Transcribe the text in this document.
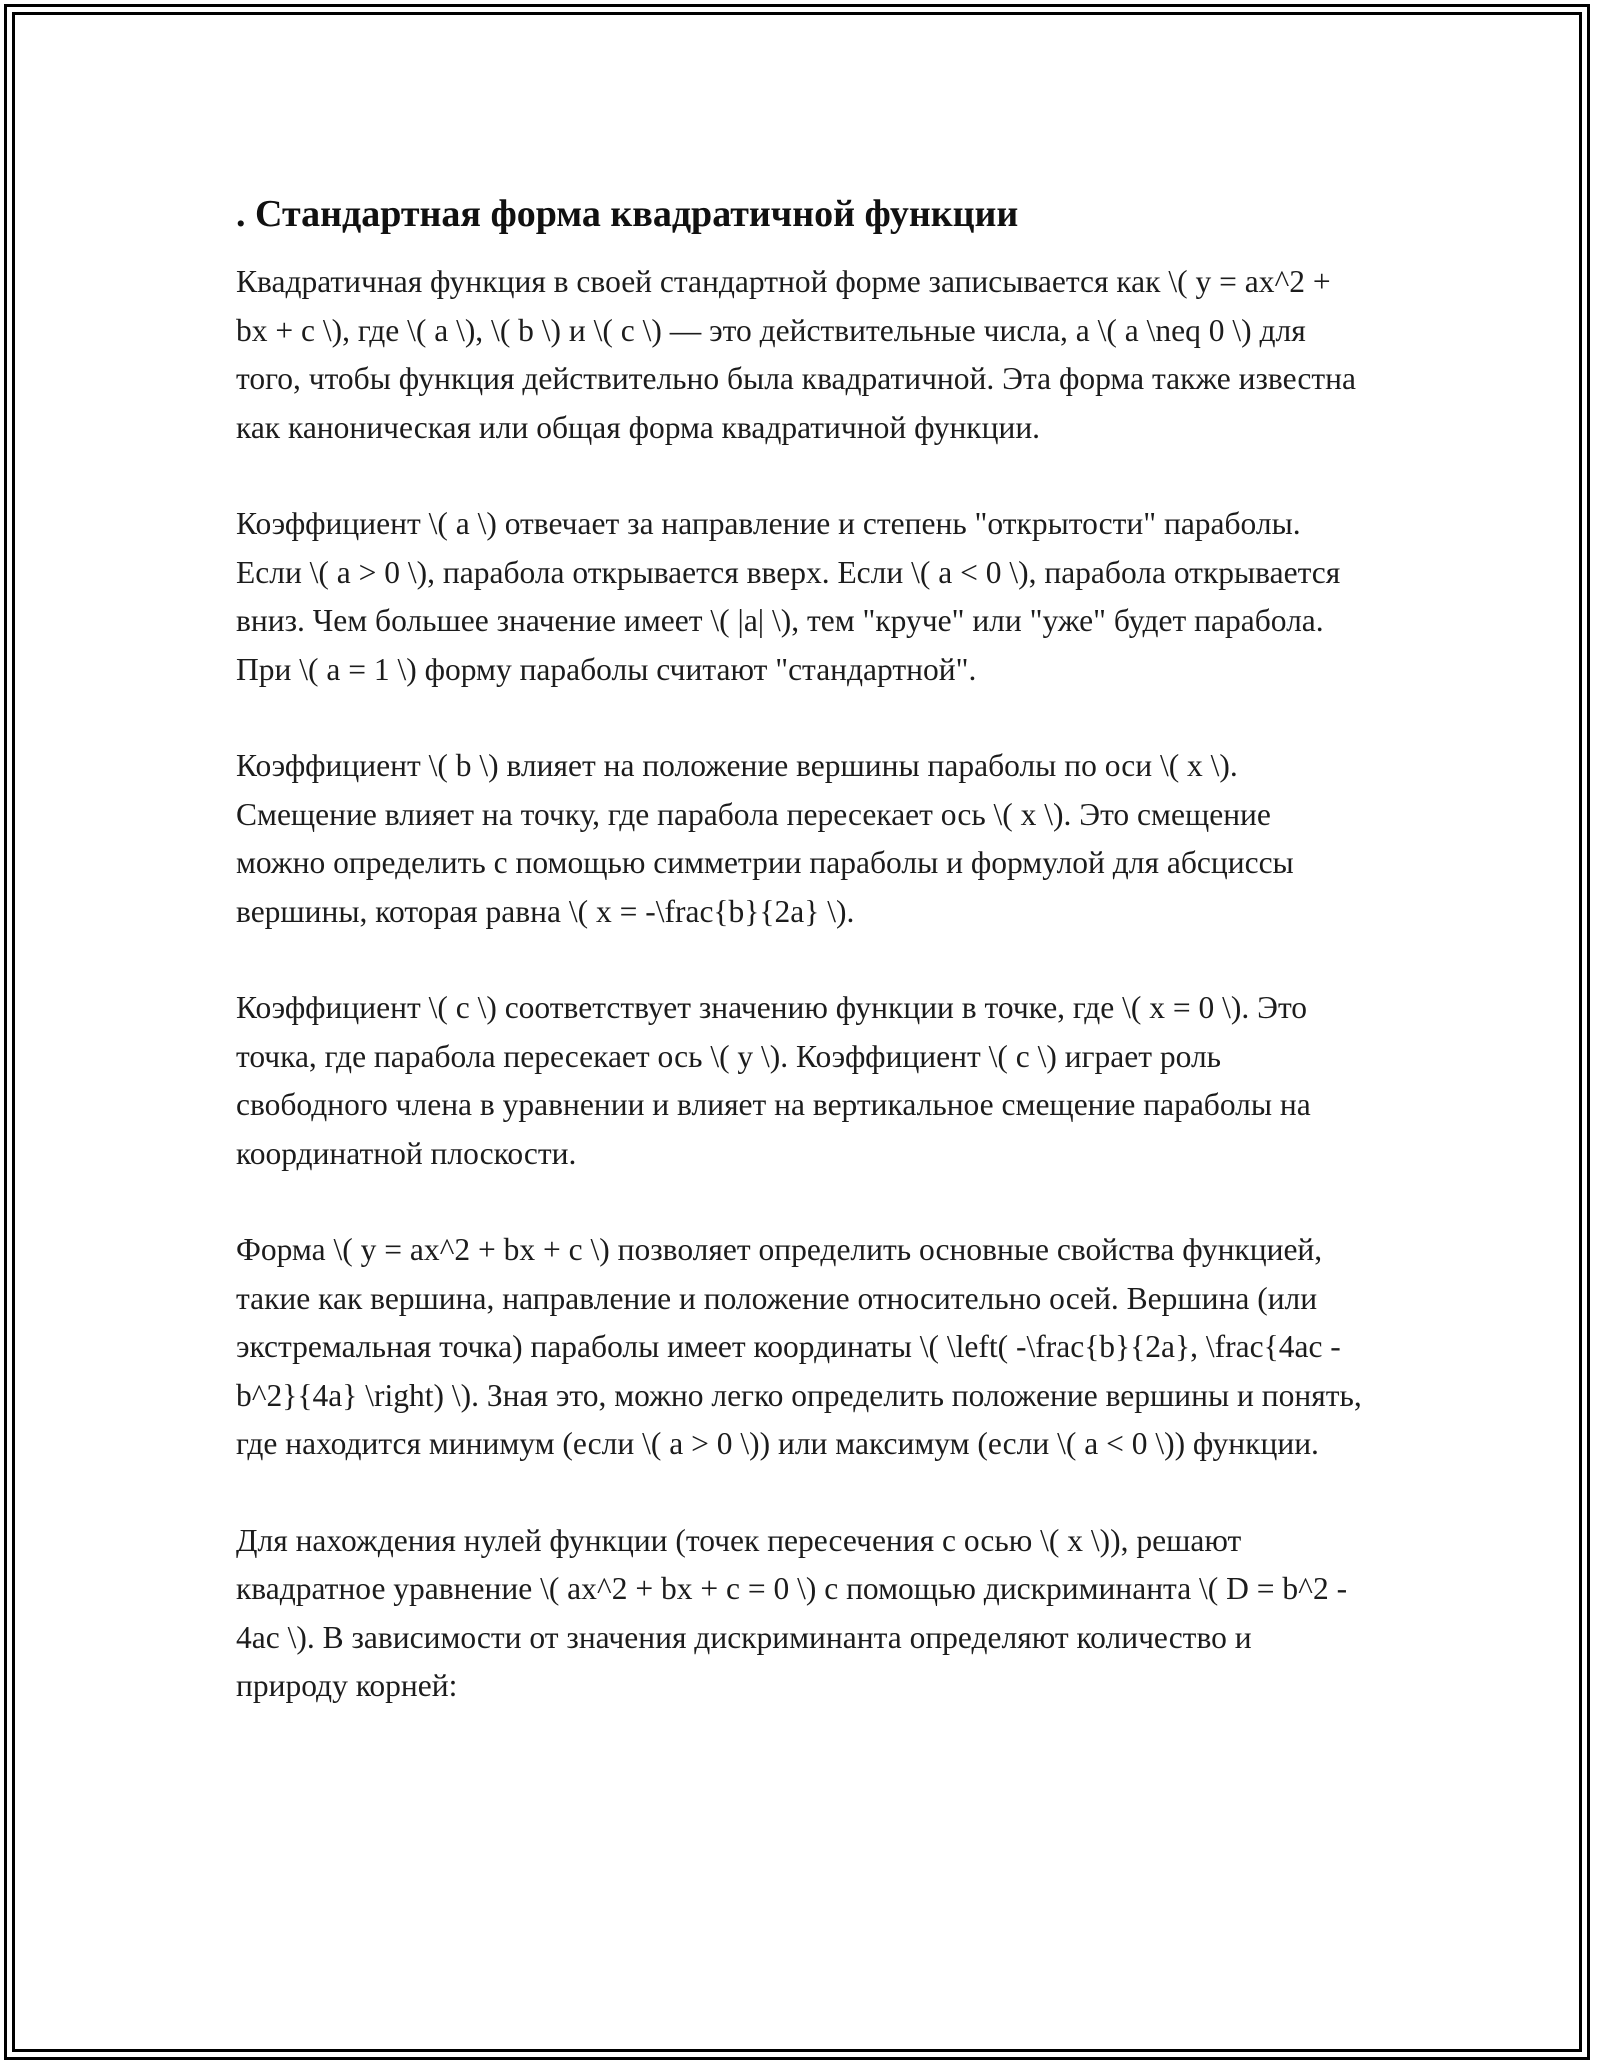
. Стандартная форма квадратичной функции

Квадратичная функция в своей стандартной форме записывается как \( y = ax^2 + bx + c \), где \( a \), \( b \) и \( c \) — это действительные числа, а \( a \neq 0 \) для того, чтобы функция действительно была квадратичной. Эта форма также известна как каноническая или общая форма квадратичной функции.

Коэффициент \( a \) отвечает за направление и степень "открытости" параболы. Если \( a > 0 \), парабола открывается вверх. Если \( a < 0 \), парабола открывается вниз. Чем большее значение имеет \( |a| \), тем "круче" или "уже" будет парабола. При \( a = 1 \) форму параболы считают "стандартной".

Коэффициент \( b \) влияет на положение вершины параболы по оси \( x \). Смещение влияет на точку, где парабола пересекает ось \( x \). Это смещение можно определить с помощью симметрии параболы и формулой для абсциссы вершины, которая равна \( x = -\frac{b}{2a} \).

Коэффициент \( c \) соответствует значению функции в точке, где \( x = 0 \). Это точка, где парабола пересекает ось \( y \). Коэффициент \( c \) играет роль свободного члена в уравнении и влияет на вертикальное смещение параболы на координатной плоскости.

Форма \( y = ax^2 + bx + c \) позволяет определить основные свойства функцией, такие как вершина, направление и положение относительно осей. Вершина (или экстремальная точка) параболы имеет координаты \( \left( -\frac{b}{2a}, \frac{4ac - b^2}{4a} \right) \). Зная это, можно легко определить положение вершины и понять, где находится минимум (если \( a > 0 \)) или максимум (если \( a < 0 \)) функции.

Для нахождения нулей функции (точек пересечения с осью \( x \)), решают квадратное уравнение \( ax^2 + bx + c = 0 \) с помощью дискриминанта \( D = b^2 - 4ac \). В зависимости от значения дискриминанта определяют количество и природу корней:
